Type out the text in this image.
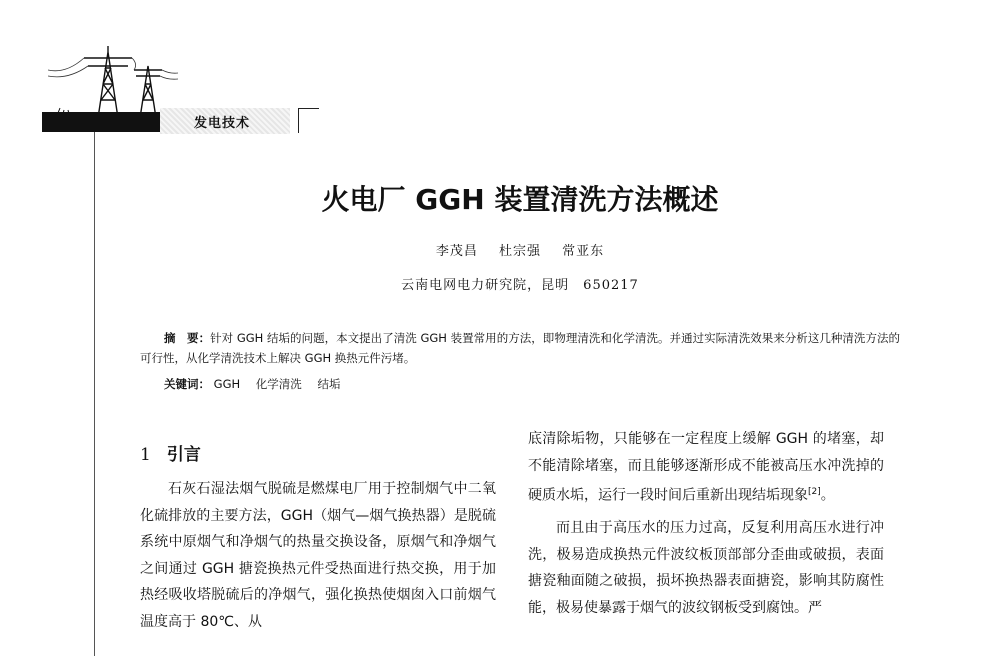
发电技术
火电厂 GGH 装置清洗方法概述
李茂昌 杜宗强 常亚东
云南电网电力研究院，昆明　650217
摘　要：针对 GGH 结垢的问题，本文提出了清洗 GGH 装置常用的方法，即物理清洗和化学清洗。并通过实际清洗效果来分析这几种清洗方法的可行性，从化学清洗技术上解决 GGH 换热元件污堵。
关键词： GGH 化学清洗 结垢
1 引言

石灰石湿法烟气脱硫是燃煤电厂用于控制烟气中二氧化硫排放的主要方法，GGH（烟气—烟气换热器）是脱硫系统中原烟气和净烟气的热量交换设备，原烟气和净烟气之间通过 GGH 搪瓷换热元件受热面进行热交换，用于加热经吸收塔脱硫后的净烟气，强化换热使烟囱入口前烟气温度高于 80℃、从

底清除垢物，只能够在一定程度上缓解 GGH 的堵塞，却不能清除堵塞，而且能够逐渐形成不能被高压水冲洗掉的硬质水垢，运行一段时间后重新出现结垢现象[2]。

而且由于高压水的压力过高，反复利用高压水进行冲洗，极易造成换热元件波纹板顶部部分歪曲或破损，表面搪瓷釉面随之破损，损坏换热器表面搪瓷，影响其防腐性能，极易使暴露于烟气的波纹钢板受到腐蚀。严
